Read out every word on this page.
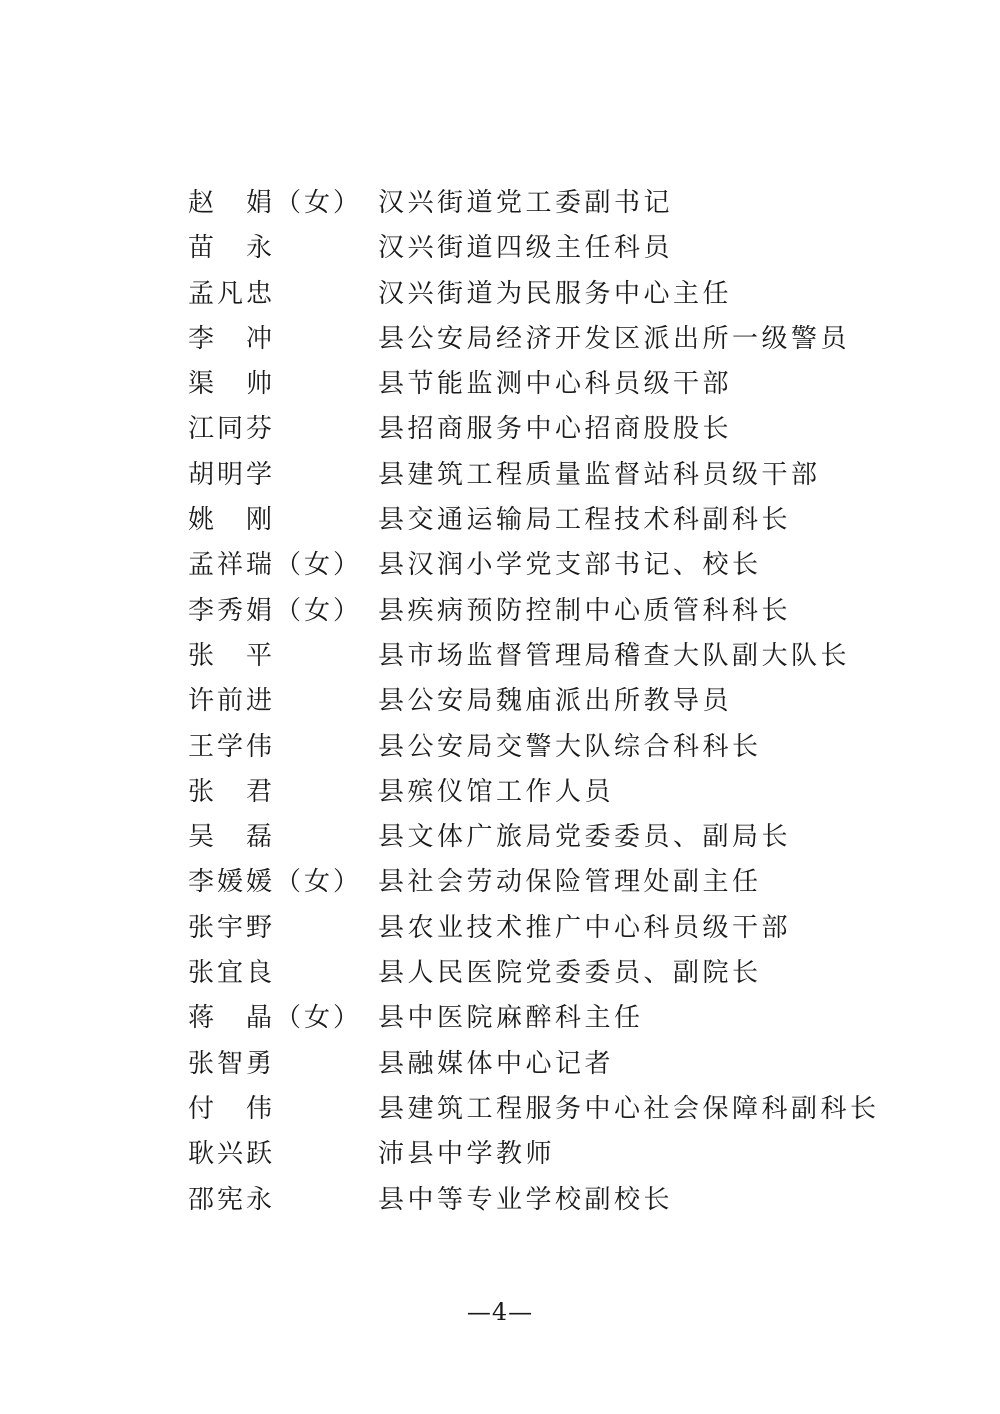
赵　娟（女） 汉兴街道党工委副书记
苗　永	汉兴街道四级主任科员
孟凡忠	汉兴街道为民服务中心主任
李　冲	县公安局经济开发区派出所一级警员
渠　帅	县节能监测中心科员级干部
江同芬	县招商服务中心招商股股长
胡明学	县建筑工程质量监督站科员级干部
姚　刚	县交通运输局工程技术科副科长
孟祥瑞（女） 县汉润小学党支部书记、校长
李秀娟（女） 县疾病预防控制中心质管科科长
张　平	县市场监督管理局稽查大队副大队长
许前进	县公安局魏庙派出所教导员
王学伟	县公安局交警大队综合科科长
张　君	县殡仪馆工作人员
吴　磊	县文体广旅局党委委员、副局长
李媛媛（女） 县社会劳动保险管理处副主任
张宇野	县农业技术推广中心科员级干部
张宜良	县人民医院党委委员、副院长
蒋　晶（女） 县中医院麻醉科主任
张智勇	县融媒体中心记者
付　伟	县建筑工程服务中心社会保障科副科长
耿兴跃	沛县中学教师
邵宪永	县中等专业学校副校长
—4—
